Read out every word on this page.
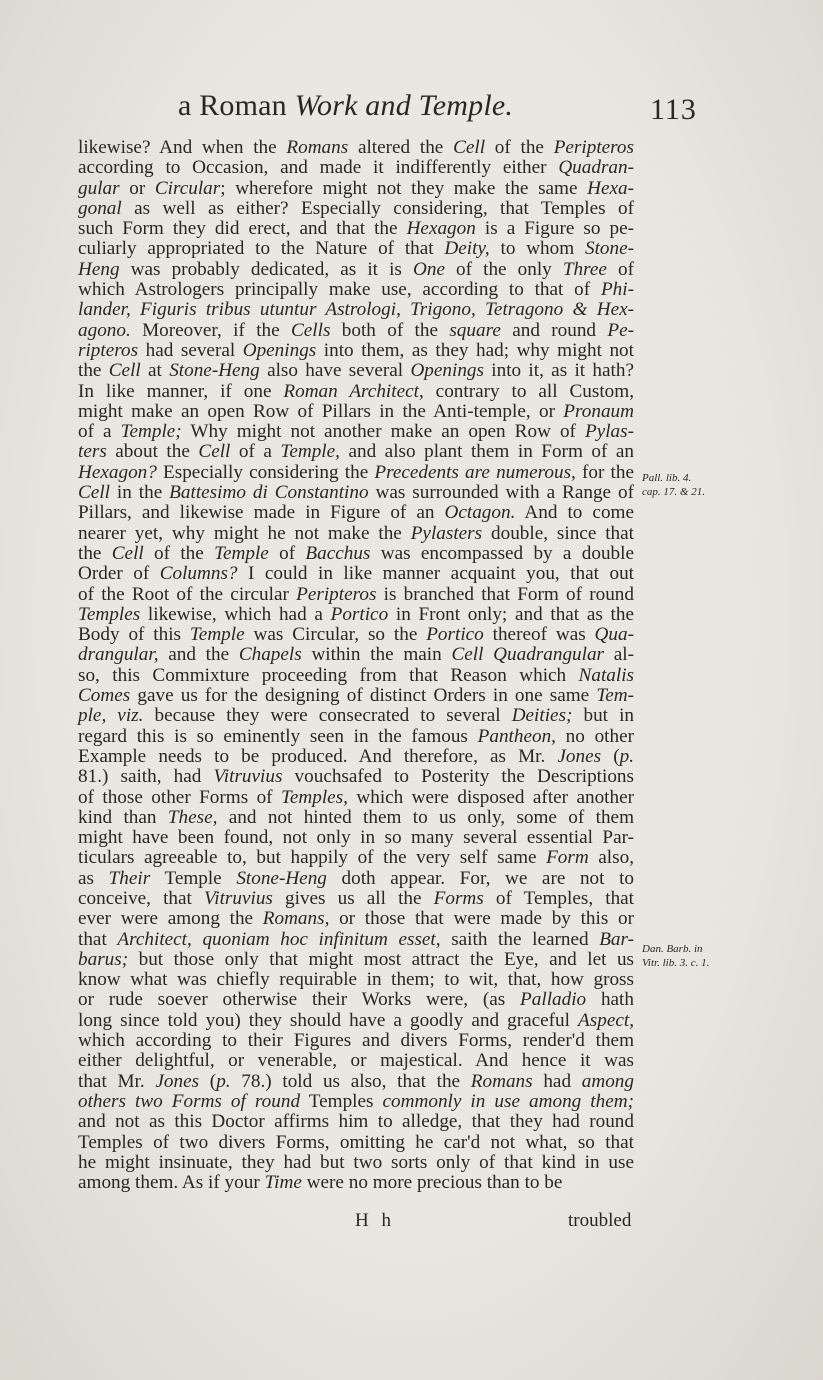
a Roman Work and Temple.	113
likewise? And when the Romans altered the Cell of the Peripteros
according to Occasion, and made it indifferently either Quadran-
gular or Circular; wherefore might not they make the same Hexa-
gonal as well as either? Especially considering, that Temples of
such Form they did erect, and that the Hexagon is a Figure so pe-
culiarly appropriated to the Nature of that Deity, to whom Stone-
Heng was probably dedicated, as it is One of the only Three of
which Astrologers principally make use, according to that of Phi-
lander, Figuris tribus utuntur Astrologi, Trigono, Tetragono & Hex-
agono. Moreover, if the Cells both of the square and round Pe-
ripteros had several Openings into them, as they had; why might not
the Cell at Stone-Heng also have several Openings into it, as it hath?
In like manner, if one Roman Architect, contrary to all Custom,
might make an open Row of Pillars in the Anti-temple, or Pronaum
of a Temple; Why might not another make an open Row of Pylas-
ters about the Cell of a Temple, and also plant them in Form of an
Hexagon? Especially considering the Precedents are numerous, for the
Cell in the Battesimo di Constantino was surrounded with a Range of
Pillars, and likewise made in Figure of an Octagon. And to come
nearer yet, why might he not make the Pylasters double, since that
the Cell of the Temple of Bacchus was encompassed by a double
Order of Columns? I could in like manner acquaint you, that out
of the Root of the circular Peripteros is branched that Form of round
Temples likewise, which had a Portico in Front only; and that as the
Body of this Temple was Circular, so the Portico thereof was Qua-
drangular, and the Chapels within the main Cell Quadrangular al-
so, this Commixture proceeding from that Reason which Natalis
Comes gave us for the designing of distinct Orders in one same Tem-
ple, viz. because they were consecrated to several Deities; but in
regard this is so eminently seen in the famous Pantheon, no other
Example needs to be produced. And therefore, as Mr. Jones (p.
81.) saith, had Vitruvius vouchsafed to Posterity the Descriptions
of those other Forms of Temples, which were disposed after another
kind than These, and not hinted them to us only, some of them
might have been found, not only in so many several essential Par-
ticulars agreeable to, but happily of the very self same Form also,
as Their Temple Stone-Heng doth appear. For, we are not to
conceive, that Vitruvius gives us all the Forms of Temples, that
ever were among the Romans, or those that were made by this or
that Architect, quoniam hoc infinitum esset, saith the learned Bar-
barus; but those only that might most attract the Eye, and let us
know what was chiefly requirable in them; to wit, that, how gross
or rude soever otherwise their Works were, (as Palladio hath
long since told you) they should have a goodly and graceful Aspect,
which according to their Figures and divers Forms, render'd them
either delightful, or venerable, or majestical. And hence it was
that Mr. Jones (p. 78.) told us also, that the Romans had among
others two Forms of round Temples commonly in use among them;
and not as this Doctor affirms him to alledge, that they had round
Temples of two divers Forms, omitting he car'd not what, so that
he might insinuate, they had but two sorts only of that kind in use
among them. As if your Time were no more precious than to be
Pall. lib. 4.
cap. 17. & 21.
Dan. Barb. in
Vitr. lib. 3. c. 1.
H h	troubled
